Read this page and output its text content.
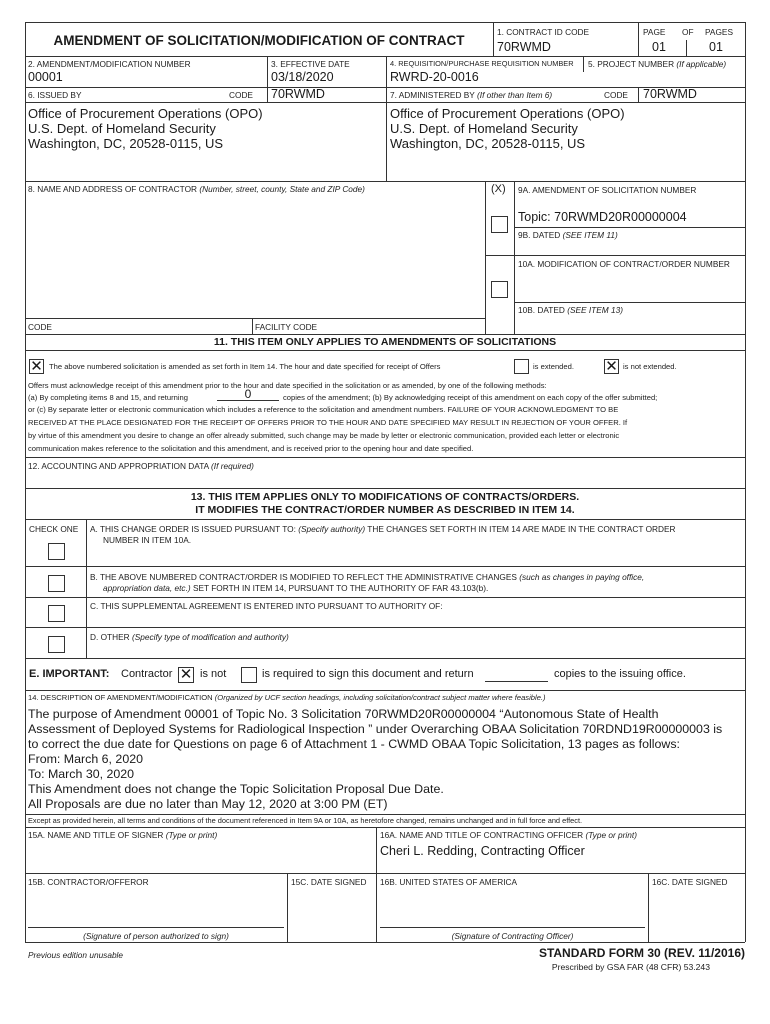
AMENDMENT OF SOLICITATION/MODIFICATION OF CONTRACT
1. CONTRACT ID CODE
70RWMD
PAGE OF PAGES
01	01
2. AMENDMENT/MODIFICATION NUMBER
00001
3. EFFECTIVE DATE
03/18/2020
4. REQUISITION/PURCHASE REQUISITION NUMBER
RWRD-20-0016
5. PROJECT NUMBER (If applicable)
6. ISSUED BY	CODE 70RWMD
Office of Procurement Operations (OPO)
U.S. Dept. of Homeland Security
Washington, DC, 20528-0115, US
7. ADMINISTERED BY (If other than Item 6)	CODE 70RWMD
Office of Procurement Operations (OPO)
U.S. Dept. of Homeland Security
Washington, DC, 20528-0115, US
8. NAME AND ADDRESS OF CONTRACTOR (Number, street, county, State and ZIP Code)	(X) 9A. AMENDMENT OF SOLICITATION NUMBER
Topic: 70RWMD20R00000004
9B. DATED (SEE ITEM 11)
10A. MODIFICATION OF CONTRACT/ORDER NUMBER
10B. DATED (SEE ITEM 13)
CODE	FACILITY CODE
11. THIS ITEM ONLY APPLIES TO AMENDMENTS OF SOLICITATIONS
✕ The above numbered solicitation is amended as set forth in Item 14. The hour and date specified for receipt of Offers	is extended. ✕ is not extended.
Offers must acknowledge receipt of this amendment prior to the hour and date specified in the solicitation or as amended, by one of the following methods:
(a) By completing items 8 and 15, and returning	0	copies of the amendment; (b) By acknowledging receipt of this amendment on each copy of the offer submitted;
or (c) By separate letter or electronic communication which includes a reference to the solicitation and amendment numbers. FAILURE OF YOUR ACKNOWLEDGMENT TO BE
RECEIVED AT THE PLACE DESIGNATED FOR THE RECEIPT OF OFFERS PRIOR TO THE HOUR AND DATE SPECIFIED MAY RESULT IN REJECTION OF YOUR OFFER. If
by virtue of this amendment you desire to change an offer already submitted, such change may be made by letter or electronic communication, provided each letter or electronic
communication makes reference to the solicitation and this amendment, and is received prior to the opening hour and date specified.
12. ACCOUNTING AND APPROPRIATION DATA (If required)
13. THIS ITEM APPLIES ONLY TO MODIFICATIONS OF CONTRACTS/ORDERS.
IT MODIFIES THE CONTRACT/ORDER NUMBER AS DESCRIBED IN ITEM 14.
CHECK ONE A. THIS CHANGE ORDER IS ISSUED PURSUANT TO: (Specify authority) THE CHANGES SET FORTH IN ITEM 14 ARE MADE IN THE CONTRACT ORDER
NUMBER IN ITEM 10A.
B. THE ABOVE NUMBERED CONTRACT/ORDER IS MODIFIED TO REFLECT THE ADMINISTRATIVE CHANGES (such as changes in paying office,
appropriation data, etc.) SET FORTH IN ITEM 14, PURSUANT TO THE AUTHORITY OF FAR 43.103(b).
C. THIS SUPPLEMENTAL AGREEMENT IS ENTERED INTO PURSUANT TO AUTHORITY OF:
D. OTHER (Specify type of modification and authority)
E. IMPORTANT: Contractor ✕ is not	is required to sign this document and return	copies to the issuing office.
14. DESCRIPTION OF AMENDMENT/MODIFICATION (Organized by UCF section headings, including solicitation/contract subject matter where feasible.)
The purpose of Amendment 00001 of Topic No. 3 Solicitation 70RWMD20R00000004 “Autonomous State of Health
Assessment of Deployed Systems for Radiological Inspection ” under Overarching OBAA Solicitation 70RDND19R00000003 is
to correct the due date for Questions on page 6 of Attachment 1 - CWMD OBAA Topic Solicitation, 13 pages as follows:
From: March 6, 2020
To: March 30, 2020
This Amendment does not change the Topic Solicitation Proposal Due Date.
All Proposals are due no later than May 12, 2020 at 3:00 PM (ET)
Except as provided herein, all terms and conditions of the document referenced in Item 9A or 10A, as heretofore changed, remains unchanged and in full force and effect.
15A. NAME AND TITLE OF SIGNER (Type or print)	16A. NAME AND TITLE OF CONTRACTING OFFICER (Type or print)
Cheri L. Redding, Contracting Officer
15B. CONTRACTOR/OFFEROR	15C. DATE SIGNED 16B. UNITED STATES OF AMERICA	16C. DATE SIGNED
(Signature of person authorized to sign)	(Signature of Contracting Officer)
Previous edition unusable	STANDARD FORM 30 (REV. 11/2016)
Prescribed by GSA FAR (48 CFR) 53.243
